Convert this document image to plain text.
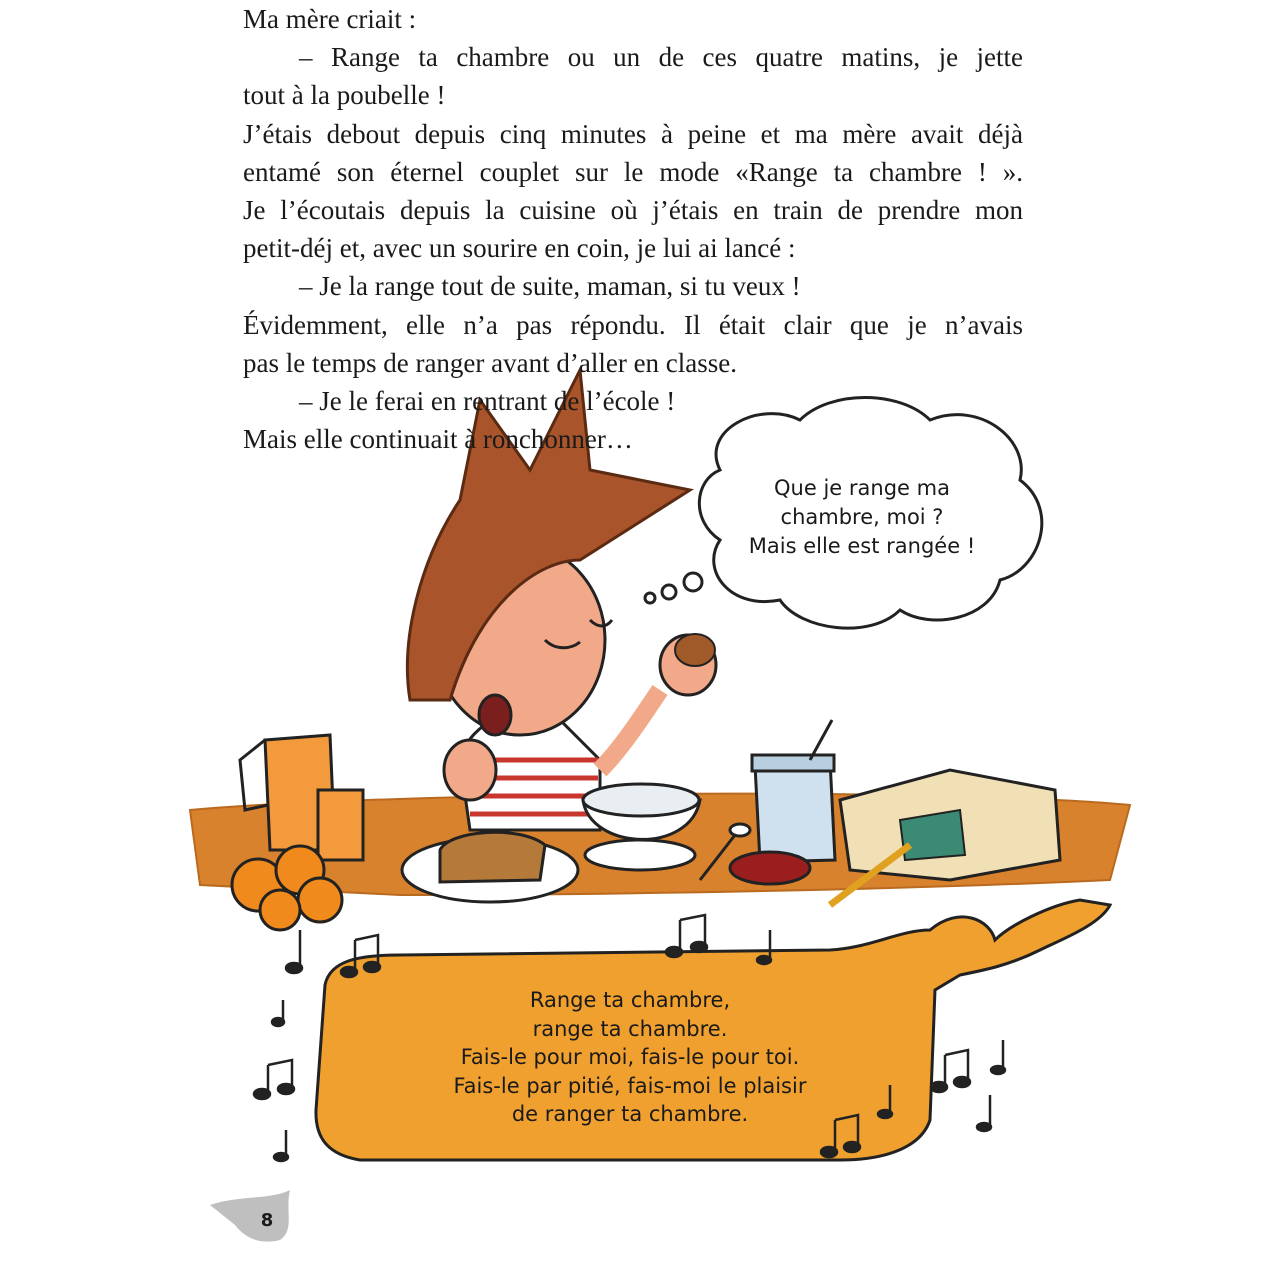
Ma mère criait :
– Range ta chambre ou un de ces quatre matins, je jette
tout à la poubelle !
J’étais debout depuis cinq minutes à peine et ma mère avait déjà
entamé son éternel couplet sur le mode «Range ta chambre ! ».
Je l’écoutais depuis la cuisine où j’étais en train de prendre mon
petit-déj et, avec un sourire en coin, je lui ai lancé :
– Je la range tout de suite, maman, si tu veux !
Évidemment, elle n’a pas répondu. Il était clair que je n’avais
pas le temps de ranger avant d’aller en classe.
– Je le ferai en rentrant de l’école !
Mais elle continuait à ronchonner…
Que je range ma
chambre, moi ?
Mais elle est rangée !
Range ta chambre,
range ta chambre.
Fais-le pour moi, fais-le pour toi.
Fais-le par pitié, fais-moi le plaisir
de ranger ta chambre.
8
